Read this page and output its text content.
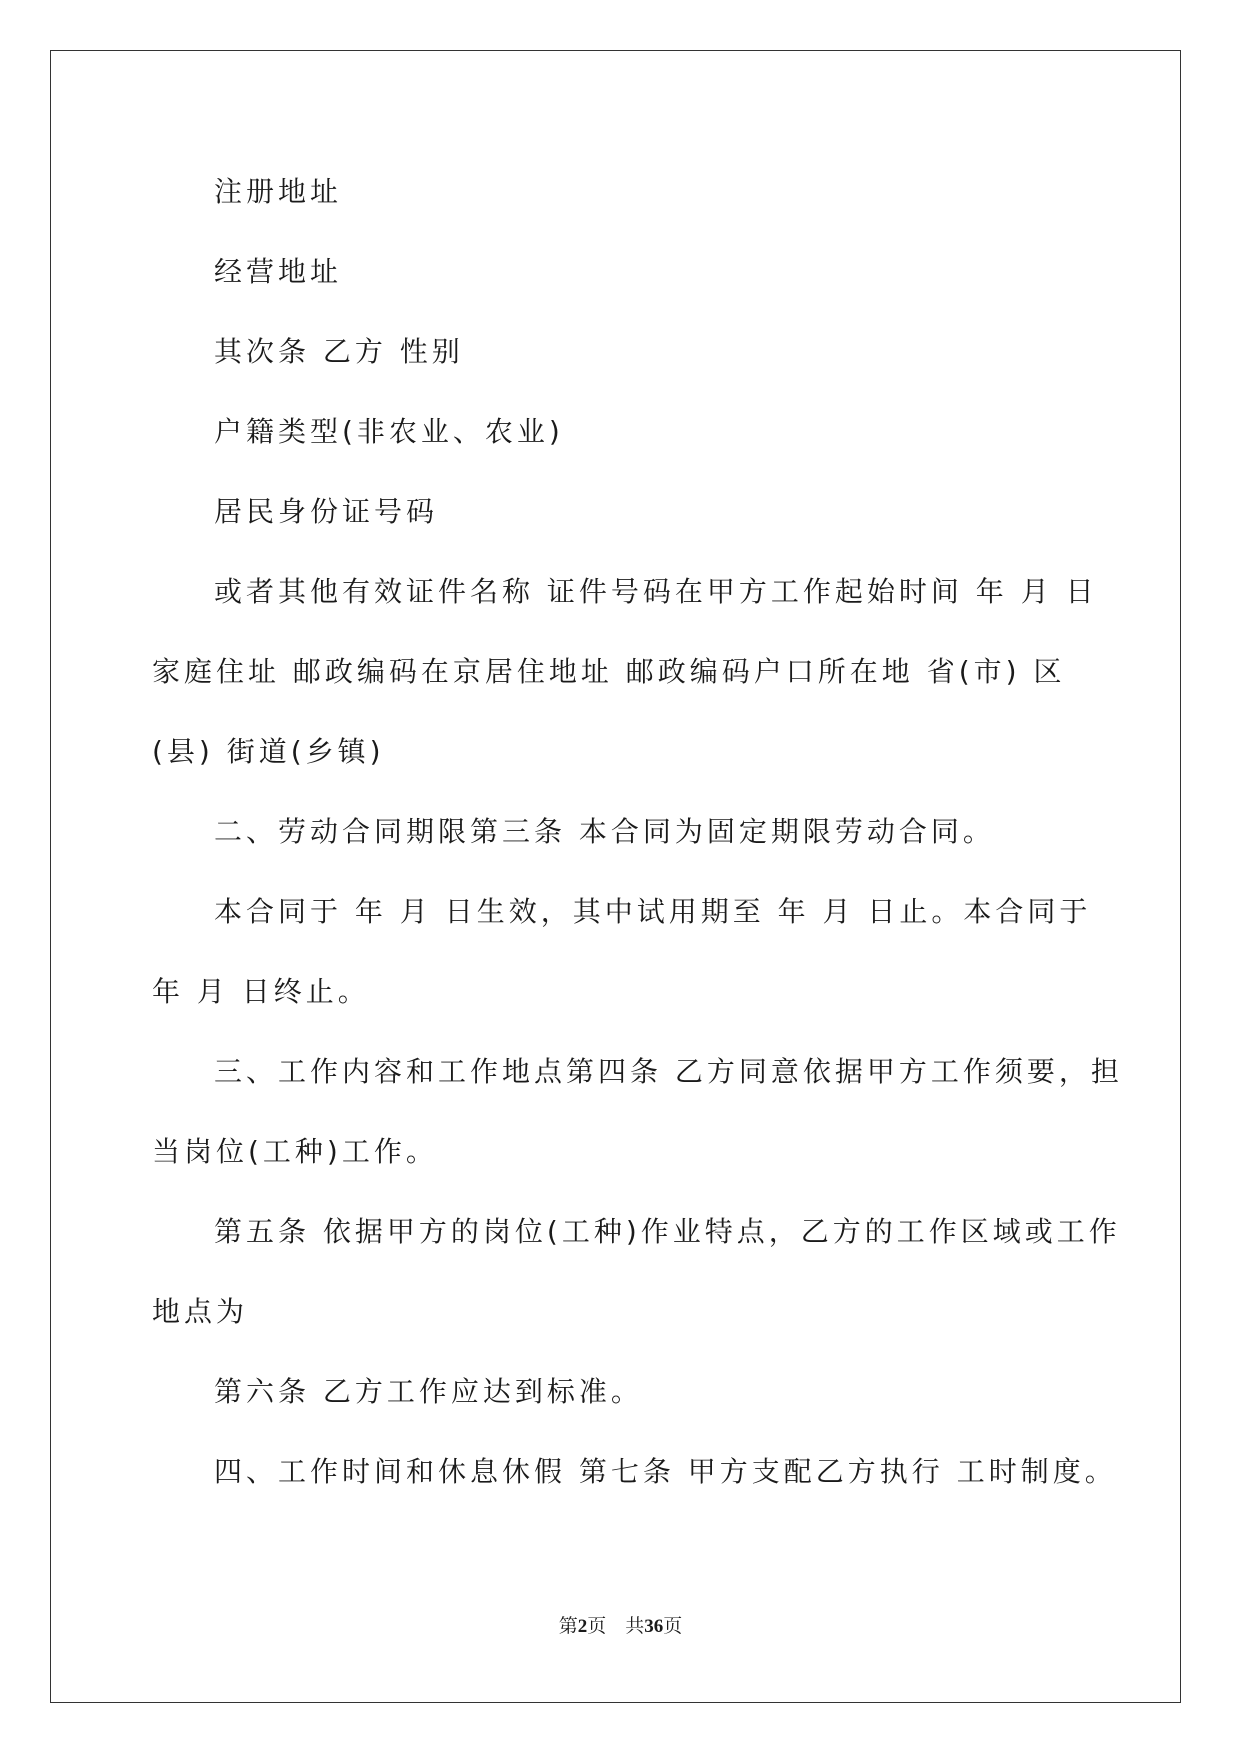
注册地址
经营地址
其次条 乙方 性别
户籍类型(非农业、农业)
居民身份证号码
或者其他有效证件名称 证件号码在甲方工作起始时间 年 月 日
家庭住址 邮政编码在京居住地址 邮政编码户口所在地 省(市) 区
(县) 街道(乡镇)
二、劳动合同期限第三条 本合同为固定期限劳动合同。
本合同于 年 月 日生效，其中试用期至 年 月 日止。本合同于
年 月 日终止。
三、工作内容和工作地点第四条 乙方同意依据甲方工作须要，担
当岗位(工种)工作。
第五条 依据甲方的岗位(工种)作业特点，乙方的工作区域或工作
地点为
第六条 乙方工作应达到标准。
四、工作时间和休息休假 第七条 甲方支配乙方执行 工时制度。
第2页　共36页
